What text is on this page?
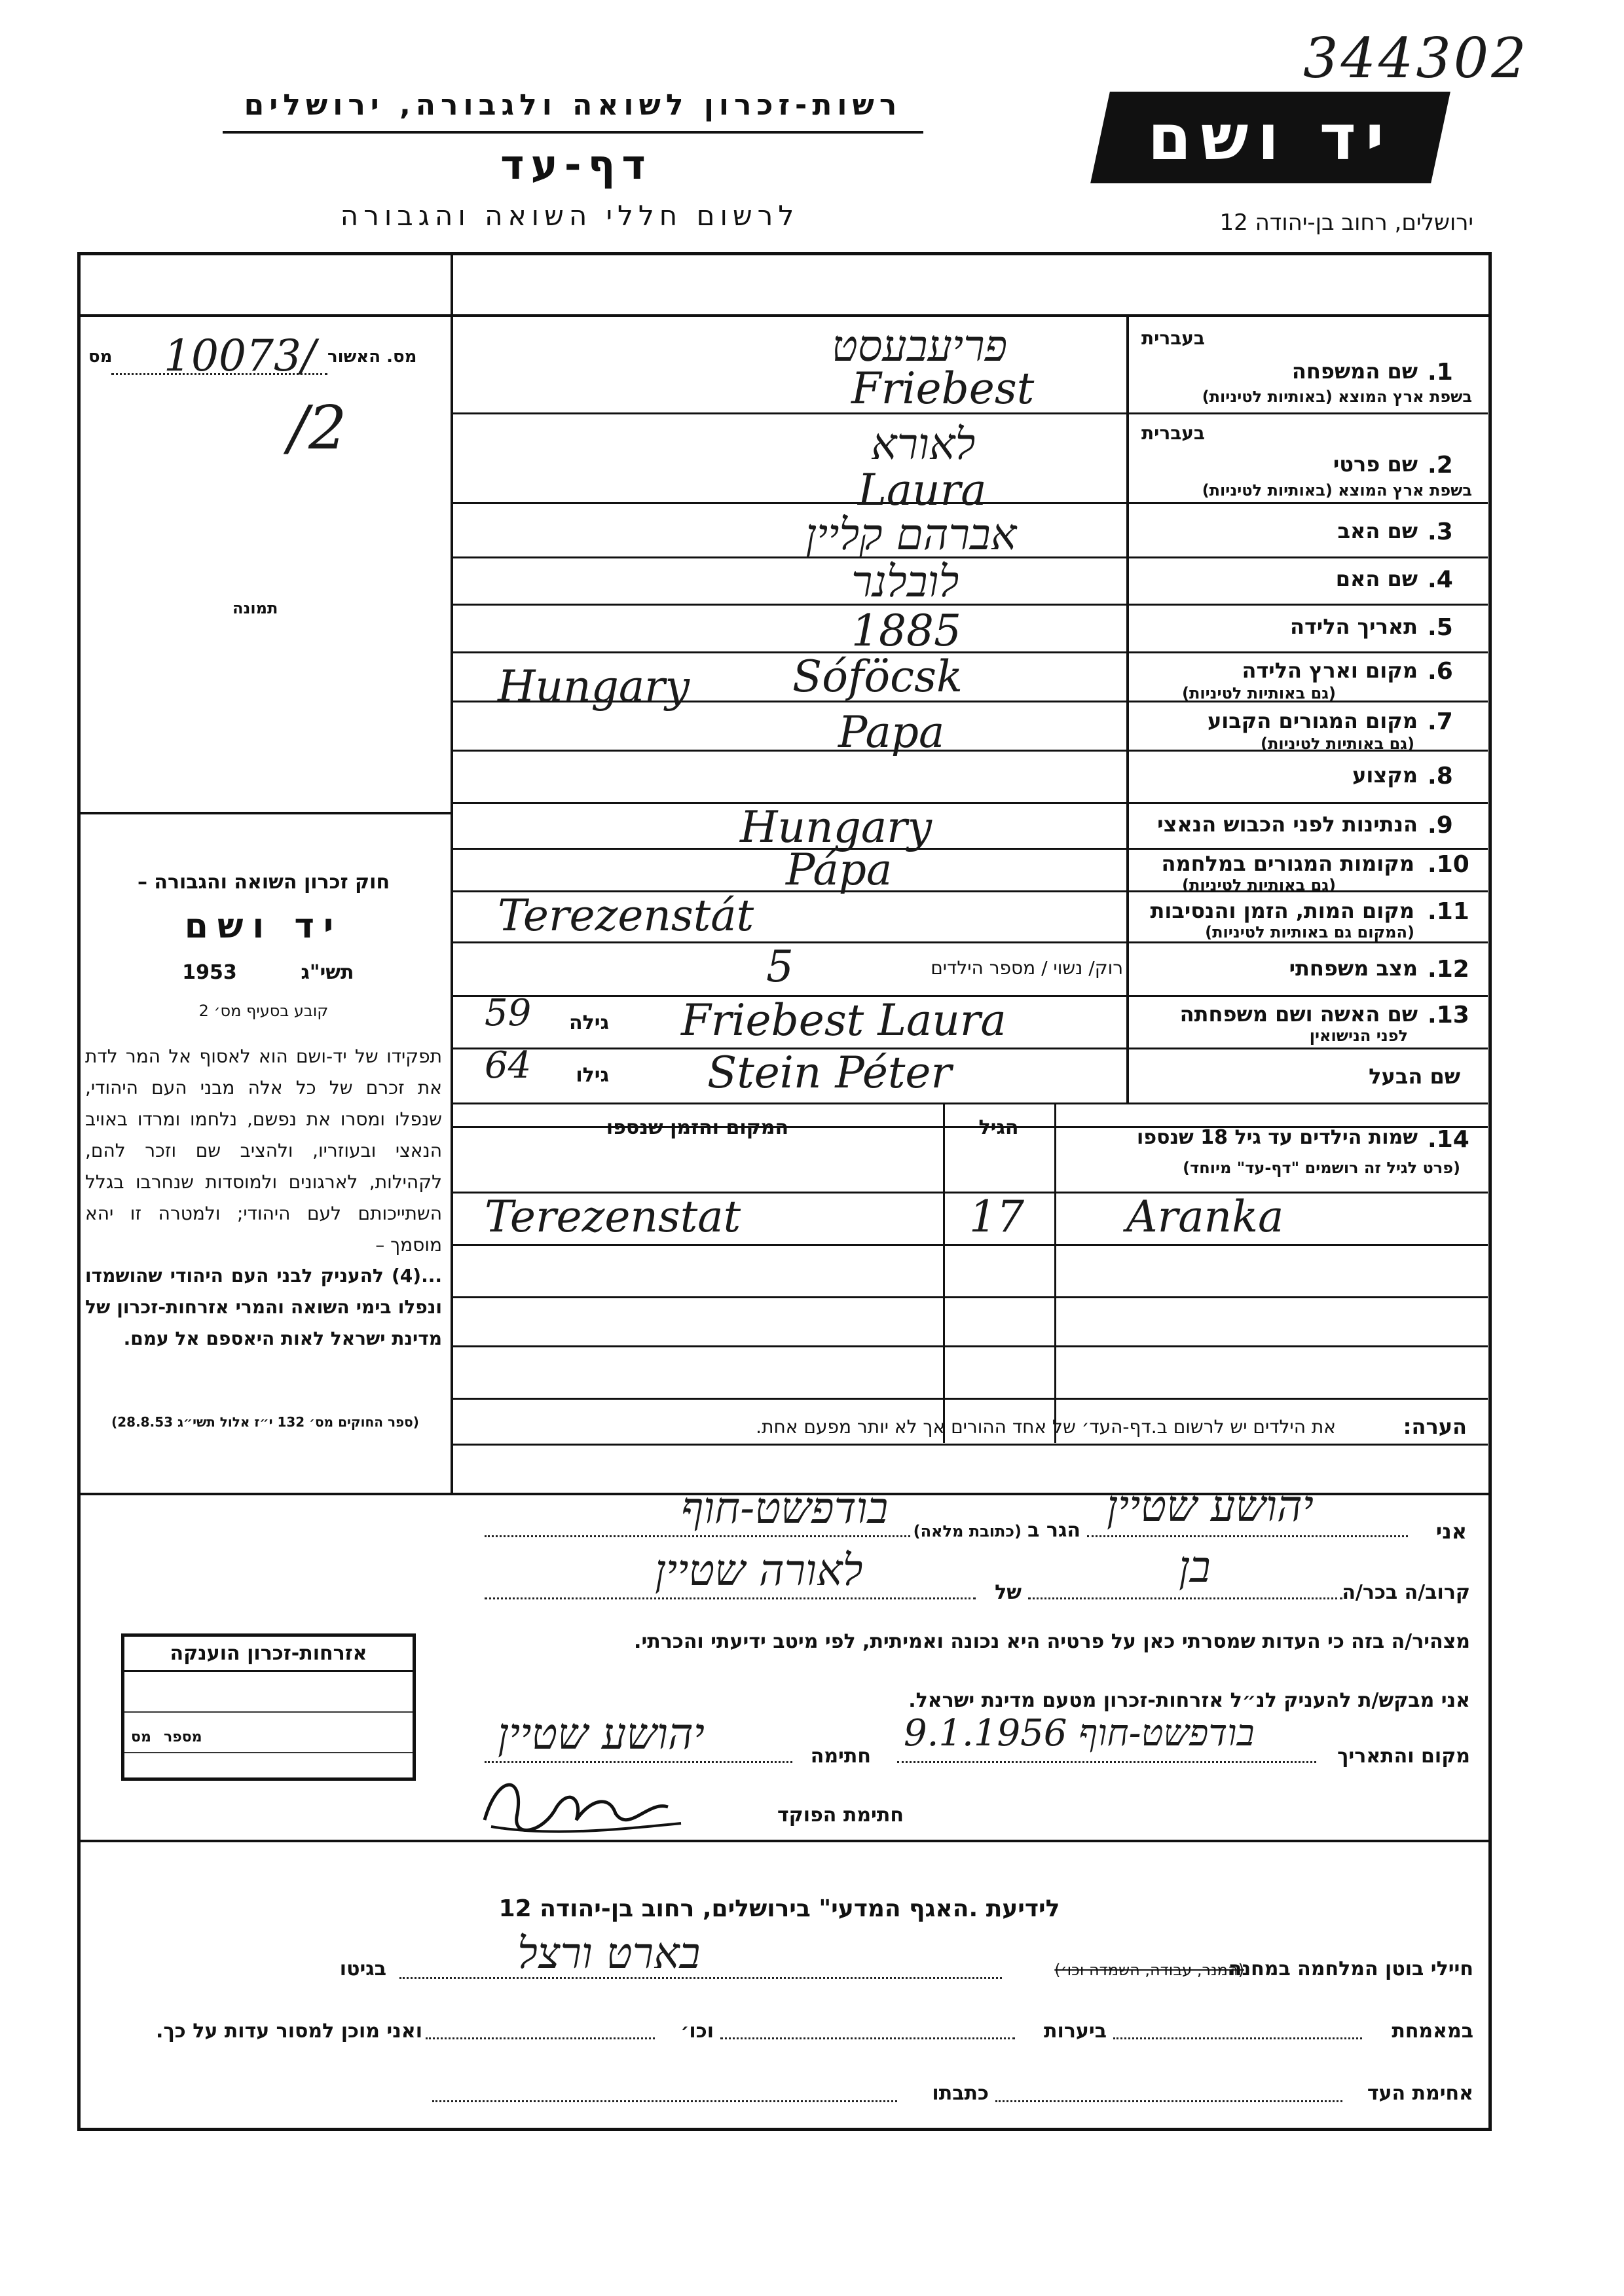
344302
רשות-זכרון לשואה ולגבורה, ירושלים
דף-עד
לרשום חללי השואה והגבורה
יד ושם
ירושלים, רחוב בן-יהודה 12
מס. האשור
10073/
מס
/2
תמונה
חוק זכרון השואה והגבורה –
יד ושם
תשי"ג
1953
קובע בסעיף מס׳ 2
תפקידו של יד-ושם הוא לאסוף אל המר לדת את זכרם של כל אלה מבני העם היהודי, שנפלו ומסרו את נפשם, נלחמו ומרדו באויב הנאצי ובעוזריו, ולהציב שם וזכר להם, לקהילות, לארגונים ולמוסדות שנחרבו בגלל השתייכותם לעם היהודי; ולמטרה זו יהא מוסמך –
...(4) להעניק לבני העם היהודי שהושמדו ונפלו בימי השואה והמרי אזרחות-זכרון של מדינת ישראל לאות היאספם אל עמם.
(ספר החוקים מס׳ 132 י״ז אלול תשי״ג 28.8.53)
בעברית
1.
שם המשפחה
בשפת ארץ המוצא (באותיות לטיניות)
פריעבעסט
Friebest
בעברית
2.
שם פרטי
בשפת ארץ המוצא (באותיות לטיניות)
לאורא
Laura
3.
שם האב
אברהם קליין
4.
שם האם
לובלנר
5.
תאריך הלידה
1885
6.
מקום וארץ הלידה
(גם באותיות לטיניות)
Sóföcsk
Hungary
7.
מקום המגורים הקבוע
(גם באותיות לטיניות)
Papa
8.
מקצוע
9.
הנתינות לפני הכבוש הנאצי
Hungary
10.
מקומות המגורים במלחמה
(גם באותיות לטיניות)
Pápa
11.
מקום המות, הזמן והנסיבות
(המקום גם באותיות לטיניות)
Terezenstát
12.
מצב משפחתי
רוק/ נשוי / מספר הילדים
5
13.
שם האשה ושם משפחתה
לפני הנישואין
גילה
59	Friebest Laura
שם הבעל
גילו
64	Stein Péter
14.
שמות הילדים עד גיל 18 שנספו
(פרט לגיל זה רושמים "דף-עד" מיוחד)
הגיל
המקום והזמן שנספו
Aranka
17
Terezenstat
הערה:
את הילדים יש לרשום ב.דף-העד׳ של אחד ההורים אך לא יותר מפעם אחת.
אני
יהושע שטיין
הגר ב
(כתובת מלאה)
בודפשט-חוף
קרוב/ה בכר/ה
בן
של
לאורה שטיין
מצהיר/ה בזה כי העדות שמסרתי כאן על פרטיה היא נכונה ואמיתית, לפי מיטב ידיעתי והכרתי.
אני מבקש/ת להעניק לנ״ל אזרחות-זכרון מטעם מדינת ישראל.
מקום והתאריך
בודפשט-חוף 9.1.1956
חתימה
יהושע שטיין
חתימת הפוקד
אזרחות-זכרון הוענקה
מספר
מס
לידיעת .האגף המדעי" בירושלים, רחוב בן-יהודה 12
חיילי בוטן המלחמה במחנה
(המנר, עבודה, השמדה וכו׳)
בארט ורצל
בגיטו
במאמחת
ביערות
וכו׳
ואני מוכן למסור עדות על כך.
אחימת העד
כתבתו
